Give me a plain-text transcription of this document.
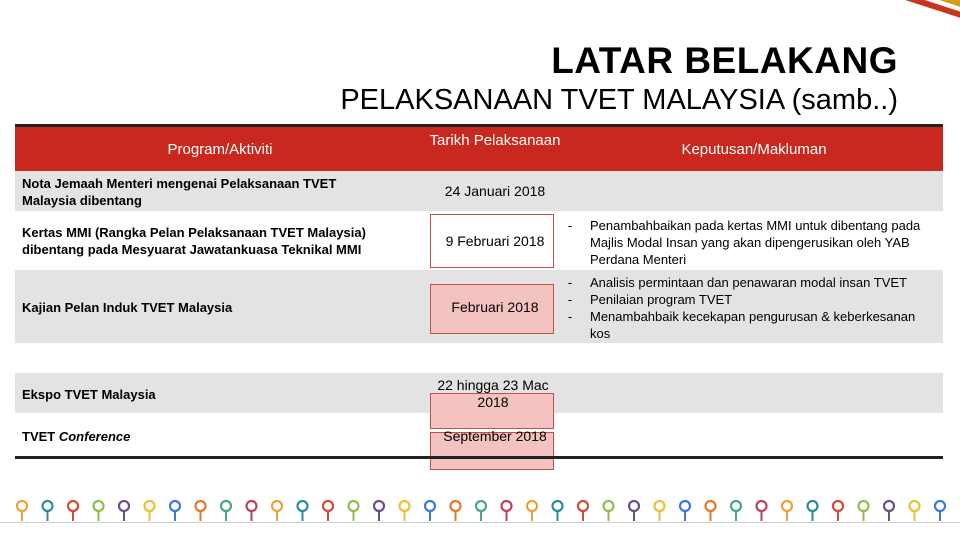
LATAR BELAKANG
PELAKSANAAN TVET MALAYSIA (samb..)
Program/Aktiviti
Tarikh Pelaksanaan
Keputusan/Makluman
Nota Jemaah Menteri mengenai Pelaksanaan TVET Malaysia dibentang
24 Januari 2018
Kertas MMI (Rangka Pelan Pelaksanaan TVET Malaysia) dibentang pada Mesyuarat Jawatankuasa Teknikal MMI
9 Februari 2018
- Penambahbaikan pada kertas MMI untuk dibentang pada Majlis Modal Insan yang akan dipengerusikan oleh YAB Perdana Menteri
Kajian Pelan Induk TVET Malaysia	Februari 2018
-
-
-
Analisis permintaan dan penawaran modal insan TVET
Penilaian program TVET
Menambahbaik kecekapan pengurusan & keberkesanan kos
Ekspo TVET Malaysia
22 hingga 23 Mac 2018
TVET Conference	September 2018
